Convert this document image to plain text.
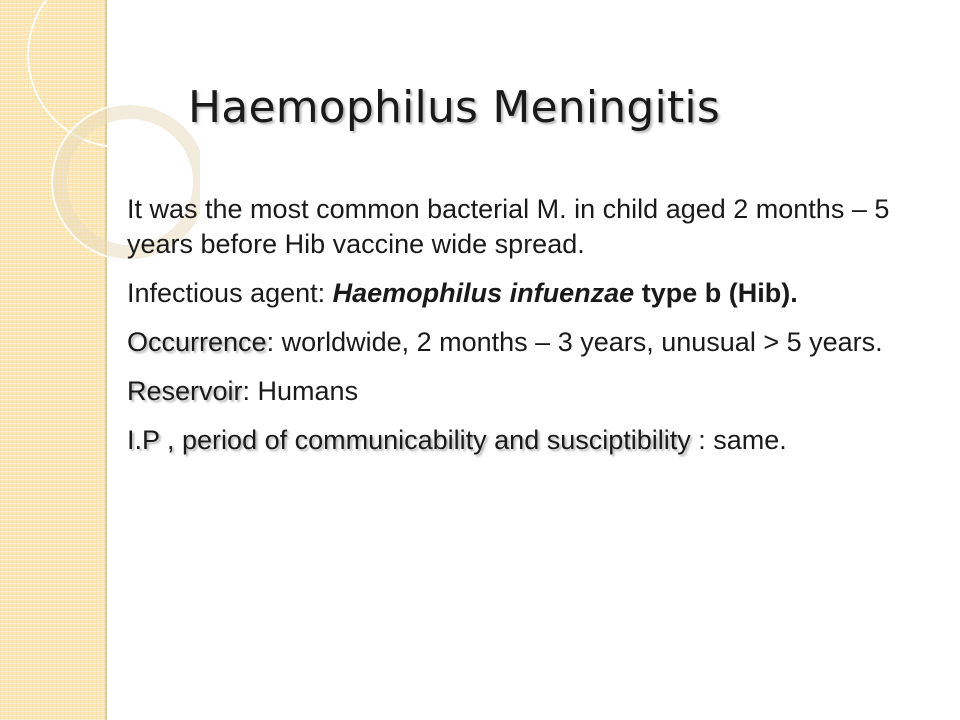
Haemophilus Meningitis

It was the most common bacterial M. in child aged 2 months – 5 years before Hib vaccine wide spread.

Infectious agent: Haemophilus infuenzae type b (Hib).

Occurrence: worldwide, 2 months – 3 years, unusual > 5 years.

Reservoir: Humans

I.P , period of communicability and susciptibility : same.
